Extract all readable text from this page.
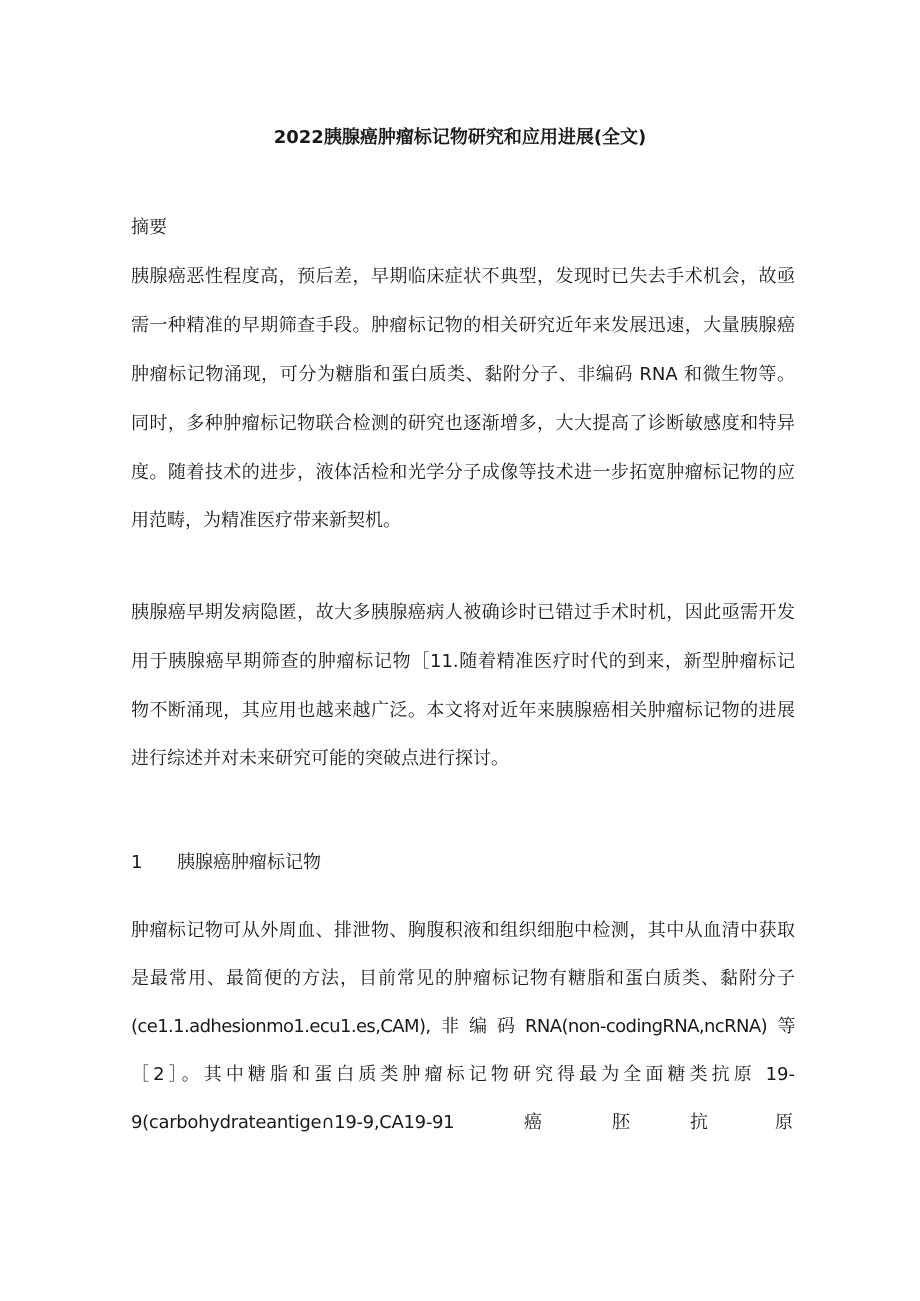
2022胰腺癌肿瘤标记物研究和应用进展(全文)
摘要
胰腺癌恶性程度高，预后差，早期临床症状不典型，发现时已失去手术机会，故亟
需一种精准的早期筛查手段。肿瘤标记物的相关研究近年来发展迅速，大量胰腺癌
肿瘤标记物涌现，可分为糖脂和蛋白质类、黏附分子、非编码 RNA 和微生物等。
同时，多种肿瘤标记物联合检测的研究也逐渐增多，大大提高了诊断敏感度和特异
度。随着技术的进步，液体活检和光学分子成像等技术进一步拓宽肿瘤标记物的应
用范畴，为精准医疗带来新契机。
胰腺癌早期发病隐匿，故大多胰腺癌病人被确诊时已错过手术时机，因此亟需开发
用于胰腺癌早期筛查的肿瘤标记物［11.随着精准医疗时代的到来，新型肿瘤标记
物不断涌现，其应用也越来越广泛。本文将对近年来胰腺癌相关肿瘤标记物的进展
进行综述并对未来研究可能的突破点进行探讨。
1 胰腺癌肿瘤标记物
肿瘤标记物可从外周血、排泄物、胸腹积液和组织细胞中检测，其中从血清中获取
是最常用、最简便的方法，目前常见的肿瘤标记物有糖脂和蛋白质类、黏附分子
(ce1.1.adhesionmo1.ecu1.es,CAM),非编码RNA(non-codingRNA,ncRNA)等
［2］。其中糖脂和蛋白质类肿瘤标记物研究得最为全面糖类抗原 19-
9(carbohydrateantige∩19-9,CA19-91	癌	胚	抗	原
